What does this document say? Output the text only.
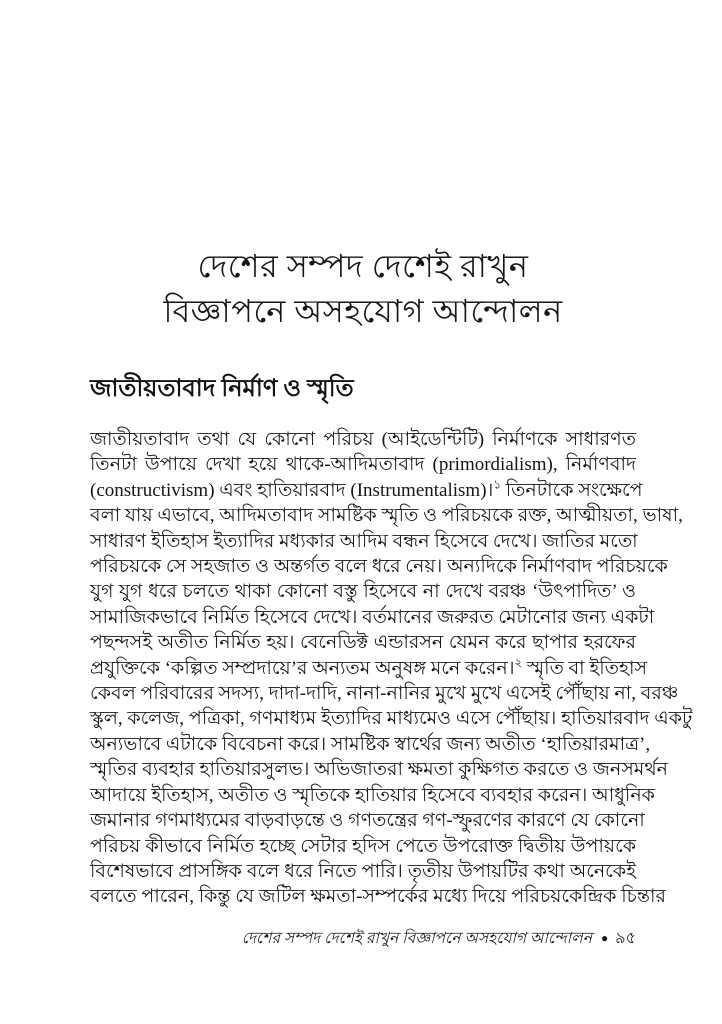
দেশের সম্পদ দেশেই রাখুন
বিজ্ঞাপনে অসহযোগ আন্দোলন
জাতীয়তাবাদ নির্মাণ ও স্মৃতি
জাতীয়তাবাদ তথা যে কোনো পরিচয় (আইডেন্টিটি) নির্মাণকে সাধারণত
তিনটা উপায়ে দেখা হয়ে থাকে-আদিমতাবাদ (primordialism), নির্মাণবাদ
(constructivism) এবং হাতিয়ারবাদ (Instrumentalism)।$^১$ তিনটাকে সংক্ষেপে
বলা যায় এভাবে, আদিমতাবাদ সামষ্টিক স্মৃতি ও পরিচয়কে রক্ত, আত্মীয়তা, ভাষা,
সাধারণ ইতিহাস ইত্যাদির মধ্যকার আদিম বন্ধন হিসেবে দেখে। জাতির মতো
পরিচয়কে সে সহজাত ও অন্তর্গত বলে ধরে নেয়। অন্যদিকে নির্মাণবাদ পরিচয়কে
যুগ যুগ ধরে চলতে থাকা কোনো বস্তু হিসেবে না দেখে বরঞ্চ ‘উৎপাদিত’ ও
সামাজিকভাবে নির্মিত হিসেবে দেখে। বর্তমানের জরুরত মেটানোর জন্য একটা
পছন্দসই অতীত নির্মিত হয়। বেনেডিক্ট এন্ডারসন যেমন করে ছাপার হরফের
প্রযুক্তিকে ‘কল্পিত সম্প্রদায়ে’র অন্যতম অনুষঙ্গ মনে করেন।$^২$ স্মৃতি বা ইতিহাস
কেবল পরিবারের সদস্য, দাদা-দাদি, নানা-নানির মুখে মুখে এসেই পৌঁছায় না, বরঞ্চ
স্কুল, কলেজ, পত্রিকা, গণমাধ্যম ইত্যাদির মাধ্যমেও এসে পৌঁছায়। হাতিয়ারবাদ একটু
অন্যভাবে এটাকে বিবেচনা করে। সামষ্টিক স্বার্থের জন্য অতীত ‘হাতিয়ারমাত্র’,
স্মৃতির ব্যবহার হাতিয়ারসুলভ। অভিজাতরা ক্ষমতা কুক্ষিগত করতে ও জনসমর্থন
আদায়ে ইতিহাস, অতীত ও স্মৃতিকে হাতিয়ার হিসেবে ব্যবহার করেন। আধুনিক
জমানার গণমাধ্যমের বাড়বাড়ন্তে ও গণতন্ত্রের গণ-স্ফুরণের কারণে যে কোনো
পরিচয় কীভাবে নির্মিত হচ্ছে সেটার হদিস পেতে উপরোক্ত দ্বিতীয় উপায়কে
বিশেষভাবে প্রাসঙ্গিক বলে ধরে নিতে পারি। তৃতীয় উপায়টির কথা অনেকেই
বলতে পারেন, কিন্তু যে জটিল ক্ষমতা-সম্পর্কের মধ্যে দিয়ে পরিচয়কেন্দ্রিক চিন্তার
দেশের সম্পদ দেশেই রাখুন বিজ্ঞাপনে অসহযোগ আন্দোলন ● ৯৫
